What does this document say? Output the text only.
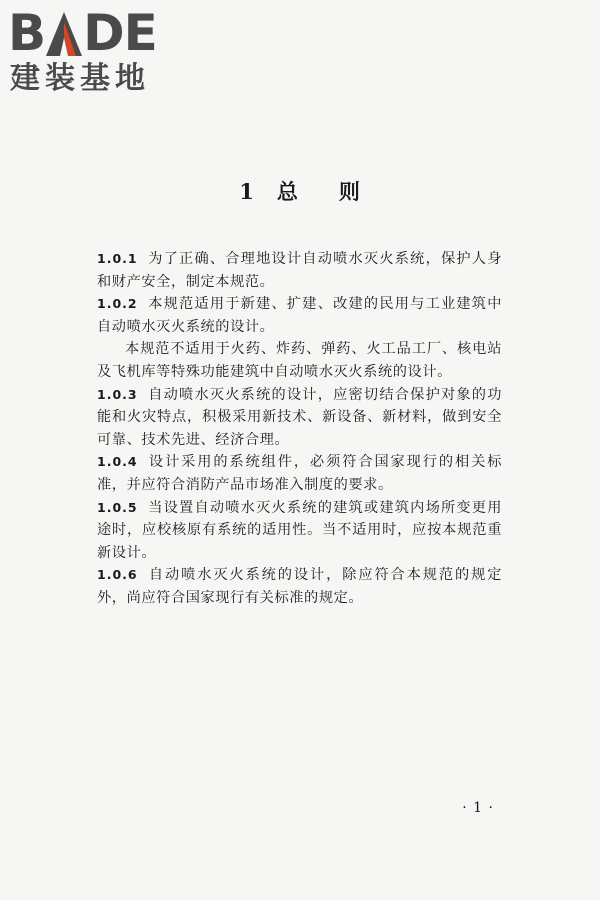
B DE
建装基地
1 总 则

1.0.1 为了正确、合理地设计自动喷水灭火系统，保护人身和财产安全，制定本规范。

1.0.2 本规范适用于新建、扩建、改建的民用与工业建筑中自动喷水灭火系统的设计。

本规范不适用于火药、炸药、弹药、火工品工厂、核电站及飞机库等特殊功能建筑中自动喷水灭火系统的设计。

1.0.3 自动喷水灭火系统的设计，应密切结合保护对象的功能和火灾特点，积极采用新技术、新设备、新材料，做到安全可靠、技术先进、经济合理。

1.0.4 设计采用的系统组件，必须符合国家现行的相关标准，并应符合消防产品市场准入制度的要求。

1.0.5 当设置自动喷水灭火系统的建筑或建筑内场所变更用途时，应校核原有系统的适用性。当不适用时，应按本规范重新设计。

1.0.6 自动喷水灭火系统的设计，除应符合本规范的规定外，尚应符合国家现行有关标准的规定。

· 1 ·
